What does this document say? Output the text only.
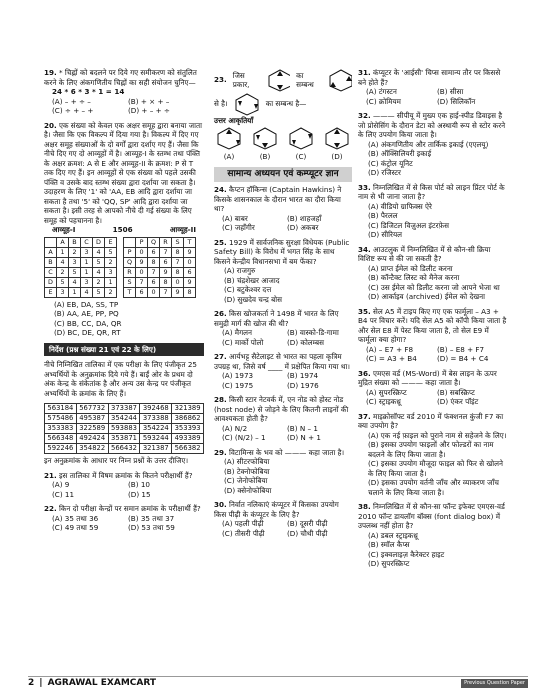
19. * चिह्नों को बदलने पर दिये गए समीकरण को संतुलित करने के लिए अंकगणितीय चिह्नों का सही संयोजन चुनिए—
24 * 6 * 3 * 1 = 14
(A) – + ÷ –	(B) + × + –
(C) ÷ + – +	(D) + – + ÷
20. एक संख्या को केवल एक अक्षर समूह द्वारा बनाया जाता है। जैसा कि एक विकल्प में दिया गया है। विकल्प में दिए गए अक्षर समूह संख्याओं के दो वर्गों द्वारा दर्शाए गए हैं। जैसा कि नीचे दिए गए दो आव्यूहों में है। आव्यूह-I के स्तम्भ तथा पंक्ति के अक्षर क्रमश: A से E और आव्यूह-II के क्रमश: P से T तक दिए गए हैं। इन आव्यूहों से एक संख्या को पहले उसकी पंक्ति व उसके बाद स्तम्भ संख्या द्वारा दर्शाया जा सकता है। उदाहरण के लिए '1' को 'AA, EB आदि द्वारा दर्शाया जा सकता है तथा '5' को 'QQ, SP' आदि द्वारा दर्शाया जा सकता है। इसी तरह से आपको नीचे दी गई संख्या के लिए समूह को पहचानना है।
आव्यूह-I	1506	आव्यूह-II
	A	B	C	D	E
A	1	2	3	4	5
B	4	3	1	5	2
C	2	5	1	4	3
D	5	4	3	2	1
E	3	1	4	5	2
	P	Q	R	S	T
P	0	6	7	8	9
Q	9	8	6	7	0
R	0	7	9	8	6
S	7	6	8	0	9
T	6	0	7	9	8
(A) EB, DA, SS, TP
(B) AA, AE, PP, PQ
(C) BB, CC, DA, QR
(D) BC, DE, QR, RT
निर्देश (प्रश्न संख्या 21 एवं 22 के लिए)
नीचे निम्नि‍खित तालिका में एक परीक्षा के लिए पंजीकृत 25 अभ्यर्थियों के अनुक्रमांक दिये गये हैं। बाईं ओर के प्रथम दो अंक केन्द्र के संकेतांक है और अन्य उस केन्द्र पर पंजीकृत अभ्यर्थियों के क्रमांक के लिए हैं।
563184	567732	373387	392468	321389
575486	495387	354244	373388	386862
353383	322589	593883	354224	353393
566348	492424	353871	593244	493389
592246	354822	566432	321387	566382
इन अनुक्रमांक के आधार पर निम्न प्रश्नों के उत्तर दीजिए।
21. इस तालिका में विषम क्रमांक के कितने परीक्षार्थी हैं?
(A) 9	(B) 10
(C) 11	(D) 15
22. किन दो परीक्षा केन्द्रों पर समान क्रमांक के परीक्षार्थी हैं?
(A) 35 तथा 36	(B) 35 तथा 37
(C) 49 तथा 59	(D) 53 तथा 59
23.
जिस प्रकार,
का सम्बन्ध
से है।	का सम्बन्ध है—
उत्तर आकृतियाँ
(A)	(B)	(C)	(D)
सामान्य अध्ययन एवं कम्प्यूटर ज्ञान
24. कैप्टन हॉकिन्स (Captain Hawkins) ने किसके शासनकाल के दौरान भारत का दौरा किया था?
(A) बाबर	(B) शाहजहाँ
(C) जहाँगीर	(D) अकबर
25. 1929 में सार्वजनिक सुरक्षा विधेयक (Public Safety Bill) के विरोध में भगत सिंह के साथ किसने केन्द्रीय विधानसभा में बम फेंका?
(A) राजगुरु
(B) चंद्रशेखर आजाद
(C) बटुकेश्वर दत्त
(D) सुखदेव चन्द्र बोस
26. किस खोजकर्ता ने 1498 में भारत के लिए समुद्री मार्ग की खोज की थी?
(A) मैगलन	(B) वास्को-डि-गामा
(C) मार्को पोलो	(D) कोलम्बस
27. आर्यभट्ट सैटेलाइट से भारत का पहला कृत्रिम उपग्रह था, जिसे वर्ष ____ में प्रक्षेपित किया गया था।
(A) 1973	(B) 1974
(C) 1975	(D) 1976
28. किसी स्टार नेटवर्क में, एन नोड को होस्ट नोड (host node) से जोड़ने के लिए कितनी लाइनों की आवश्यकता होती है?
(A) N/2	(B) N – 1
(C) (N/2) – 1	(D) N + 1
29. विटामिन्स के भव को ——— कहा जाता है।
(A) सीटरफोबिया
(B) टेक्नोफोबिया
(C) जेनोफोबिया
(D) क्सेनोफोबिया
30. निर्वात नलिकाएं कंप्यूटर में किसका उपयोग किस पीढ़ी के कंप्यूटर के लिए है?
(A) पहली पीढ़ी	(B) दूसरी पीढ़ी
(C) तीसरी पीढ़ी	(D) चौथी पीढ़ी
31. कंप्यूटर के 'आईसी' चिप्स सामान्य तौर पर किससे बने होते हैं?
(A) टंगस्टन	(B) सीसा
(C) क्रोमियम	(D) सिलिकॉन
32. ——— सीपीयू में मुख्य एक हाई-स्पीड डिवाइस है जो प्रोसेसिंग के दौरान डेटा को अस्थायी रूप से स्टोर करने के लिए उपयोग किया जाता है।
(A) अंकगणितीय और तार्किक इकाई (एएलयू)
(B) ऑक्सिलियरी इकाई
(C) कंट्रोल यूनिट
(D) रजिस्टर
33. निम्नलिखित में से किस पोर्ट को लाइन प्रिंटर पोर्ट के नाम से भी जाना जाता है?
(A) वीडियो ग्राफिक्स ऐरे
(B) पैरलल
(C) डिजिटल विज़ुअल इंटरफ़ेस
(D) सीरियल
34. आउटलुक में निम्नलिखित में से कौन-सी क्रिया विशिष्ट रूप से की जा सकती है?
(A) प्राप्त ईमेल को डिलीट करना
(B) कॉन्टैक्ट लिस्ट को मैनेज करना
(C) उस ईमेल को डिलीट करना जो आपने भेजा था
(D) आर्काइव (archived) ईमेल को देखना
35. सेल A5 में टाइप किए गए एक फार्मूला – A3 + B4 पर विचार करें। यदि सेल A5 को कॉपी किया जाता है और सेल E8 में पेस्ट किया जाता है, तो सेल E9 में फार्मूला क्या होगा?
(A) – E7 + F8	(B) – E8 + F7
(C) = A3 + B4	(D) = B4 + C4
36. एमएस वर्ड (MS-Word) में बेस लाइन के ऊपर मुद्रित संख्या को ——— कहा जाता है।
(A) सुपरस्क्रिप्ट	(B) सबस्क्रिप्ट
(C) स्ट्राइकथ्रू	(D) एंकर पॉइंट
37. माइक्रोसॉफ्ट वर्ड 2010 में फंक्शनल कुंजी F7 का क्या उपयोग है?
(A) एक नई फ़ाइल को पुराने नाम से सहेजने के लिए।
(B) इसका उपयोग फाइलों और फोल्डरों का नाम बदलने के लिए किया जाता है।
(C) इसका उपयोग मौजूदा फाइल को फिर से खोलने के लिए किया जाता है।
(D) इसका उपयोग वर्तनी जाँच और व्याकरण जाँच चलाने के लिए किया जाता है।
38. निम्नलिखित में से कौन-सा फॉन्ट इफेक्ट एमएस-वर्ड 2010 फॉन्ट डायलॉग बॉक्स (font dialog box) में उपलब्ध नहीं होता है?
(A) डबल स्ट्राइकथ्रू
(B) स्मॉल कैप्स
(C) इक्वलाइज़ कैरेक्टर हाइट
(D) सुपरस्क्रिप्ट
2 | AGRAWAL EXAMCART	Previous Question Paper
